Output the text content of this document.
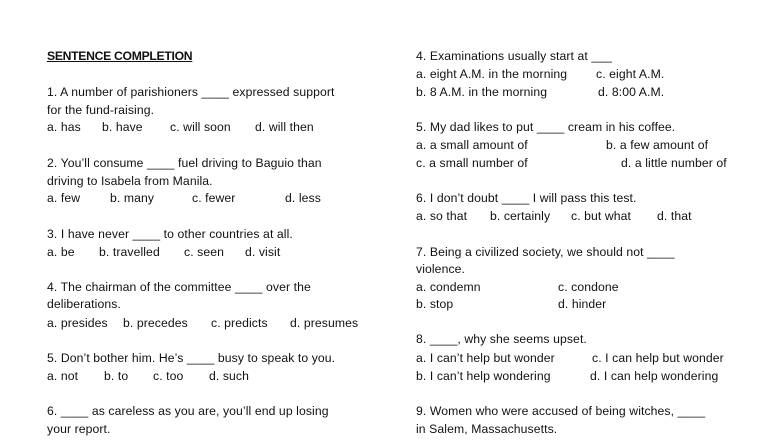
SENTENCE COMPLETION
1. A number of parishioners ____ expressed support
for the fund-raising.
a. has b. have c. will soon d. will then
2. You’ll consume ____ fuel driving to Baguio than
driving to Isabela from Manila.
a. few b. many	c. fewer	d. less
3. I have never ____ to other countries at all.
a. be b. travelled c. seen d. visit
4. The chairman of the committee ____ over the
deliberations.
a. presides b. precedes c. predicts d. presumes
5. Don’t bother him. He’s ____ busy to speak to you.
a. not b. to c. too d. such
6. ____ as careless as you are, you’ll end up losing
your report.
4. Examinations usually start at ___
a. eight A.M. in the morning c. eight A.M.
b. 8 A.M. in the morning	d. 8:00 A.M.
5. My dad likes to put ____ cream in his coffee.
a. a small amount of	b. a few amount of
c. a small number of	d. a little number of
6. I don’t doubt ____ I will pass this test.
a. so that b. certainly c. but what d. that
7. Being a civilized society, we should not ____
violence.
a. condemn	c. condone
b. stop	d. hinder
8. ____, why she seems upset.
a. I can’t help but wonder	c. I can help but wonder
b. I can’t help wondering	d. I can help wondering
9. Women who were accused of being witches, ____
in Salem, Massachusetts.
